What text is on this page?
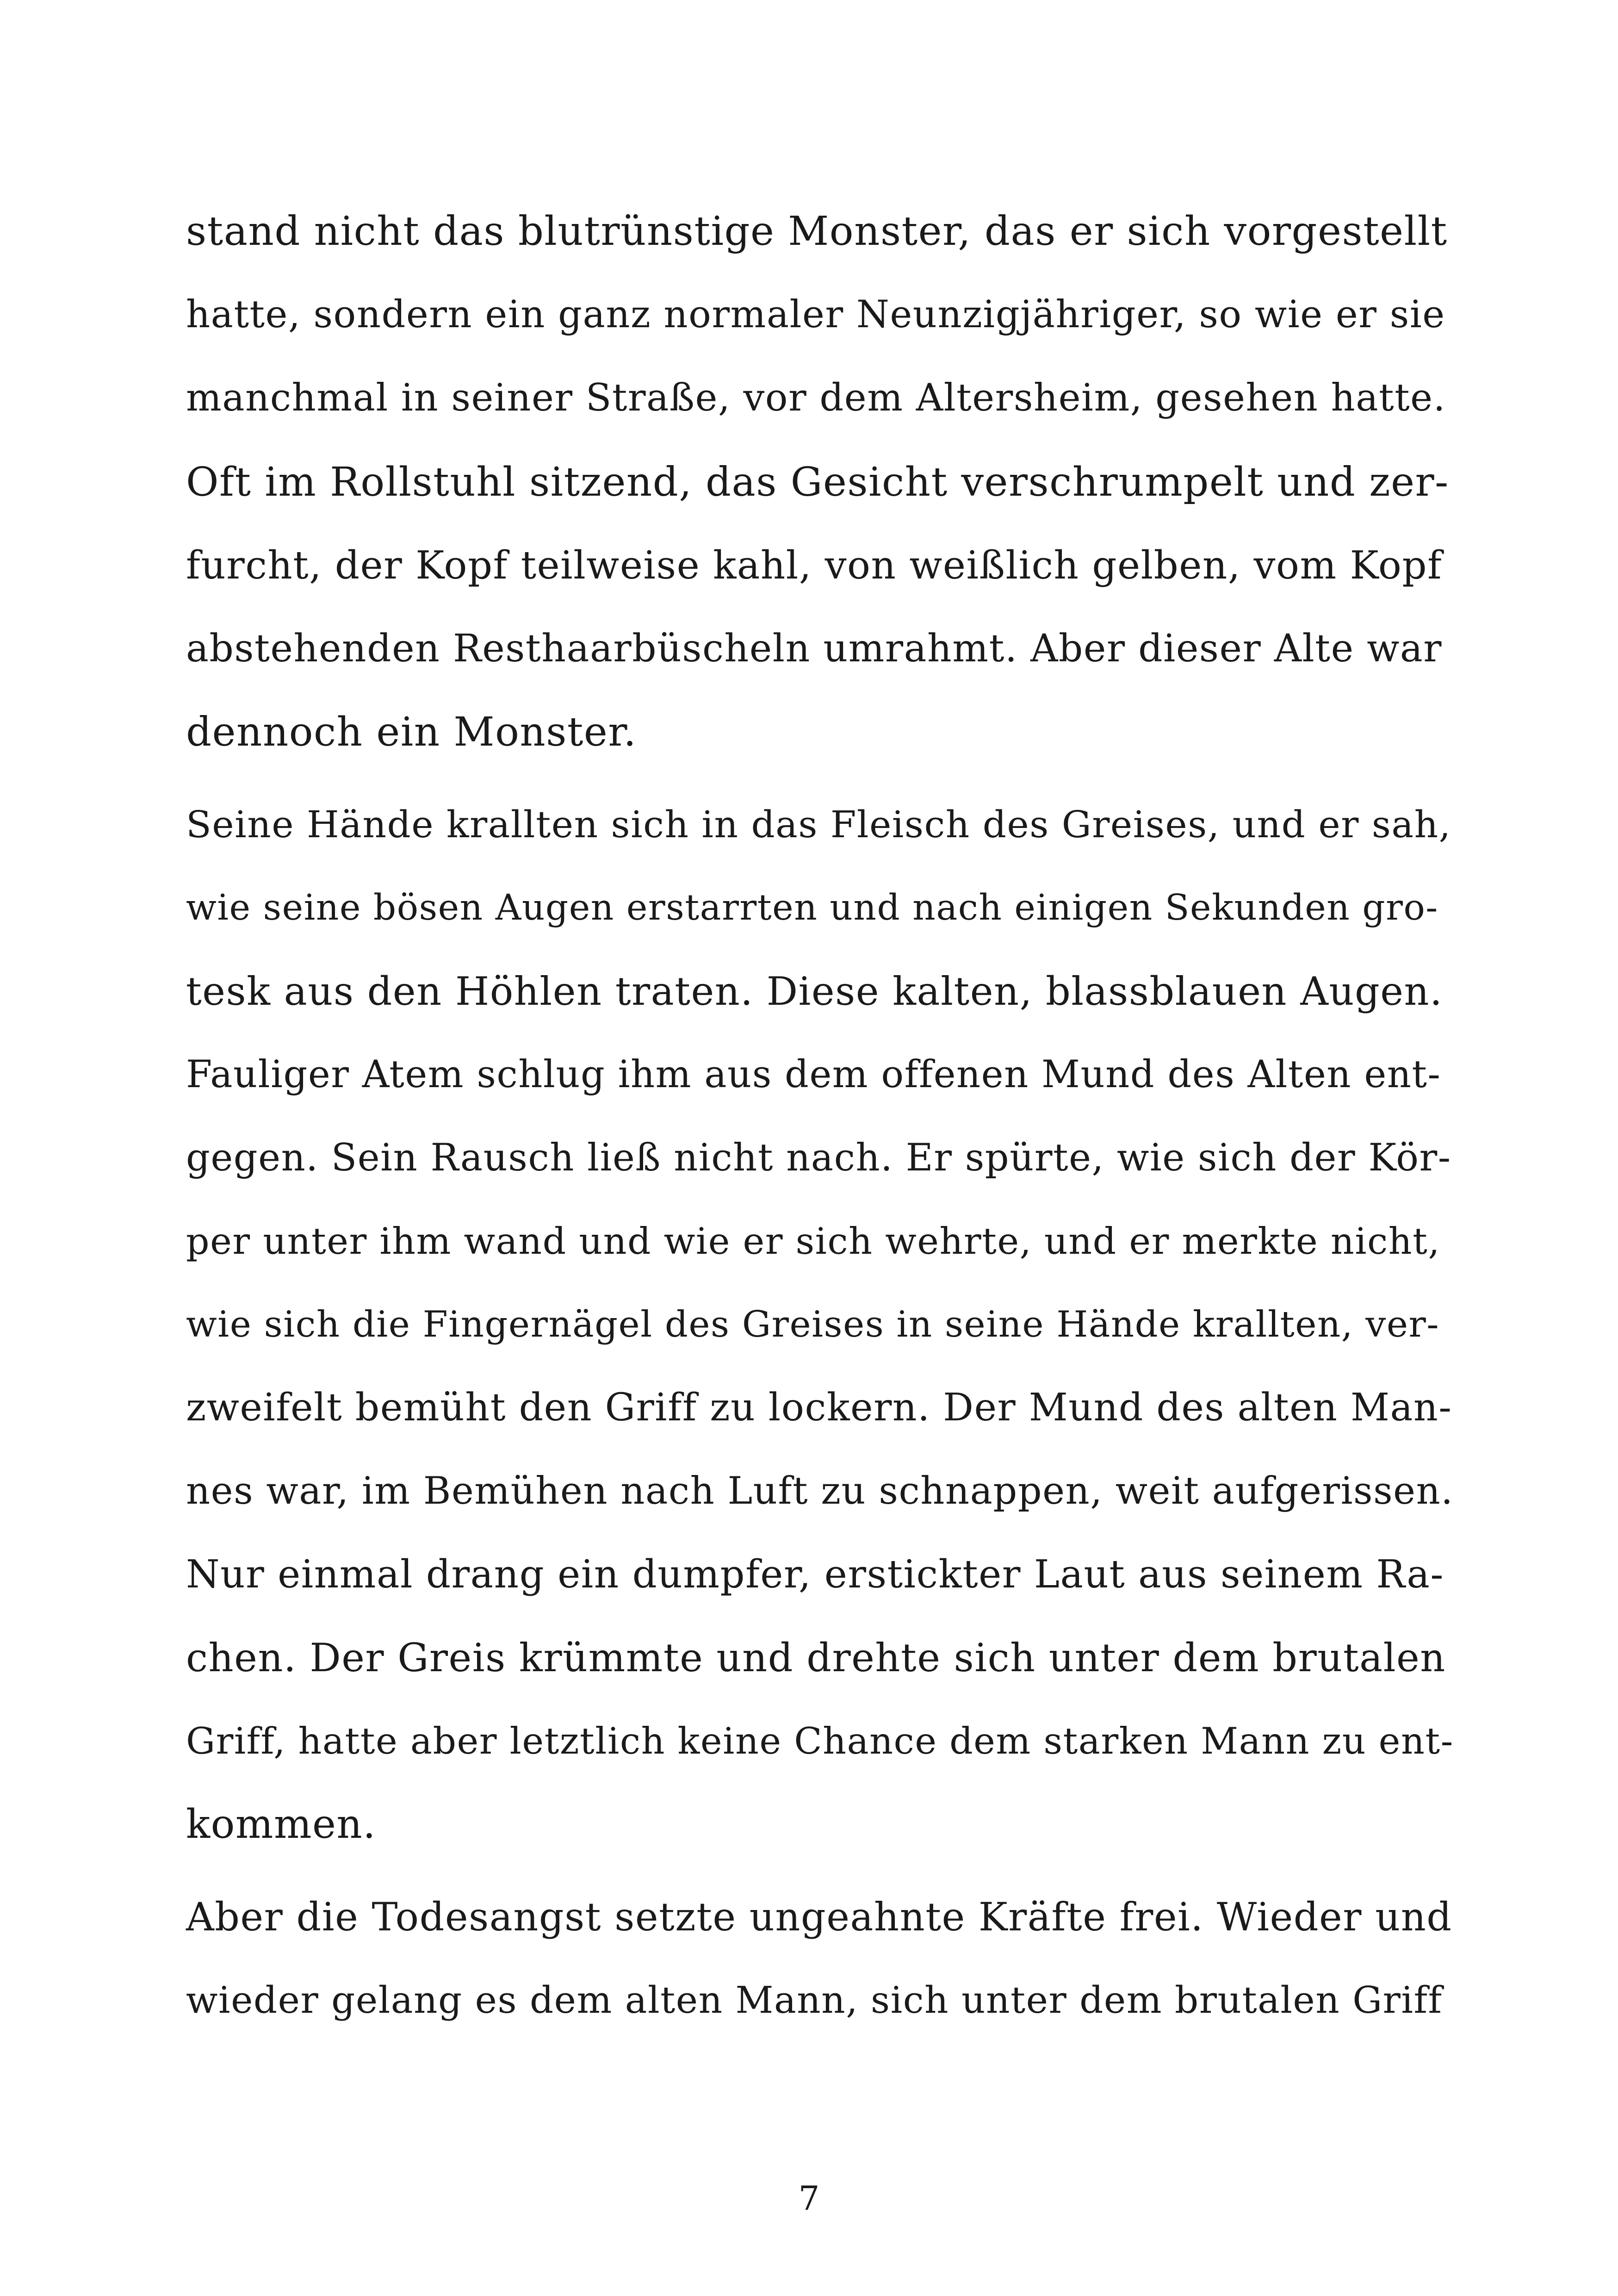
stand nicht das blutrünstige Monster, das er sich vorgestellt
hatte, sondern ein ganz normaler Neunzigjähriger, so wie er sie
manchmal in seiner Straße, vor dem Altersheim, gesehen hatte.
Oft im Rollstuhl sitzend, das Gesicht verschrumpelt und zer-
furcht, der Kopf teilweise kahl, von weißlich gelben, vom Kopf
abstehenden Resthaarbüscheln umrahmt. Aber dieser Alte war
dennoch ein Monster.
Seine Hände krallten sich in das Fleisch des Greises, und er sah,
wie seine bösen Augen erstarrten und nach einigen Sekunden gro-
tesk aus den Höhlen traten. Diese kalten, blassblauen Augen.
Fauliger Atem schlug ihm aus dem offenen Mund des Alten ent-
gegen. Sein Rausch ließ nicht nach. Er spürte, wie sich der Kör-
per unter ihm wand und wie er sich wehrte, und er merkte nicht,
wie sich die Fingernägel des Greises in seine Hände krallten, ver-
zweifelt bemüht den Griff zu lockern. Der Mund des alten Man-
nes war, im Bemühen nach Luft zu schnappen, weit aufgerissen.
Nur einmal drang ein dumpfer, erstickter Laut aus seinem Ra-
chen. Der Greis krümmte und drehte sich unter dem brutalen
Griff, hatte aber letztlich keine Chance dem starken Mann zu ent-
kommen.
Aber die Todesangst setzte ungeahnte Kräfte frei. Wieder und
wieder gelang es dem alten Mann, sich unter dem brutalen Griff
7
